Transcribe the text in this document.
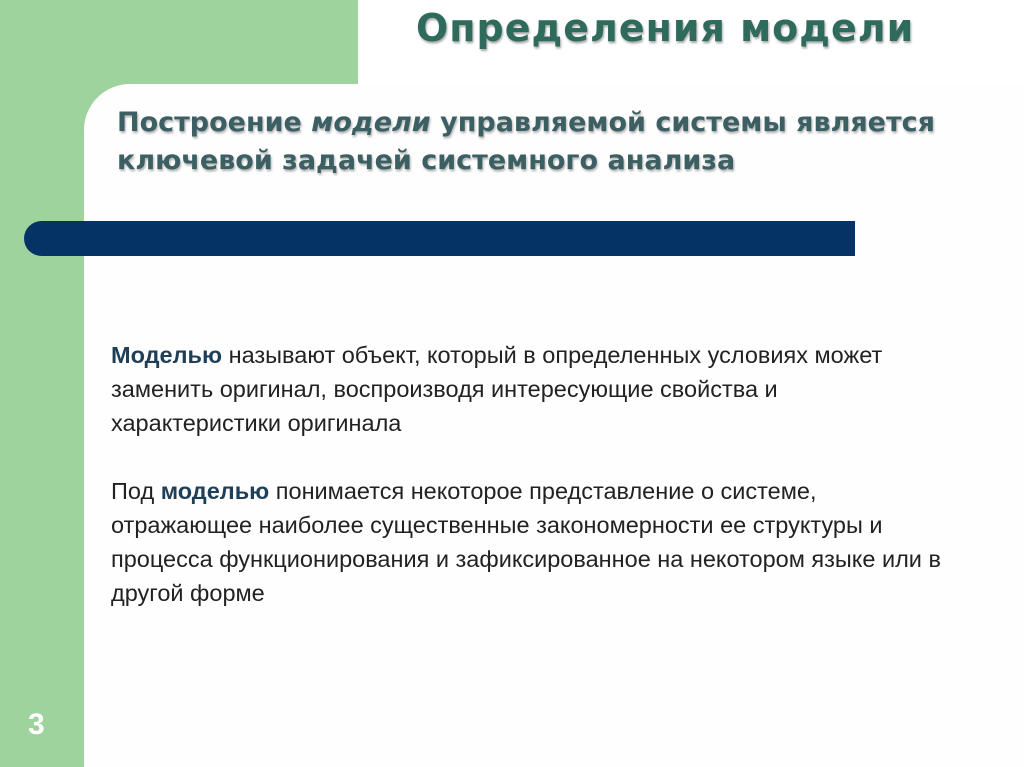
Определения модели

Построение модели управляемой системы является ключевой задачей системного анализа

Моделью называют объект, который в определенных условиях может заменить оригинал, воспроизводя интересующие свойства и характеристики оригинала

Под моделью понимается некоторое представление о системе, отражающее наиболее существенные закономерности ее структуры и процесса функционирования и зафиксированное на некотором языке или в другой форме

3
